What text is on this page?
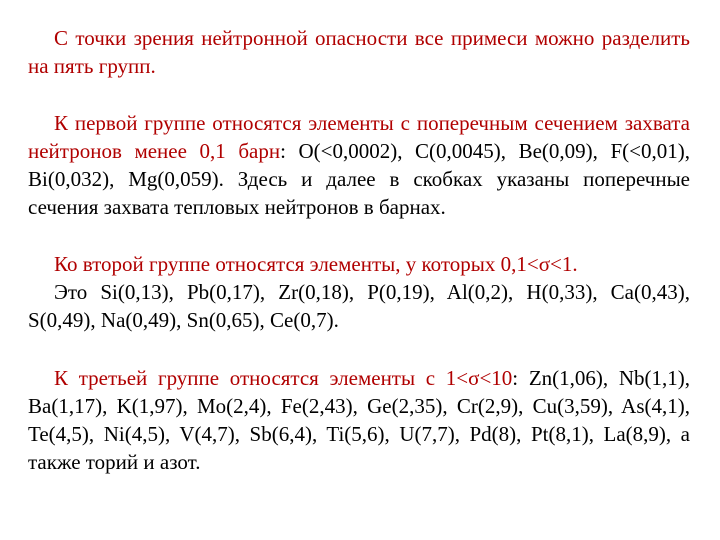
С точки зрения нейтронной опасности все примеси можно разделить на пять групп.

К первой группе относятся элементы с поперечным сечением захвата нейтронов менее 0,1 барн: O(<0,0002), C(0,0045), Be(0,09), F(<0,01), Bi(0,032), Mg(0,059). Здесь и далее в скобках указаны поперечные сечения захвата тепловых нейтронов в барнах.

Ко второй группе относятся элементы, у которых 0,1<σ<1.
Это Si(0,13), Pb(0,17), Zr(0,18), P(0,19), Al(0,2), H(0,33), Ca(0,43), S(0,49), Na(0,49), Sn(0,65), Ce(0,7).

К третьей группе относятся элементы с 1<σ<10: Zn(1,06), Nb(1,1), Ba(1,17), K(1,97), Mo(2,4), Fe(2,43), Ge(2,35), Cr(2,9), Cu(3,59), As(4,1), Te(4,5), Ni(4,5), V(4,7), Sb(6,4), Ti(5,6), U(7,7), Pd(8), Pt(8,1), La(8,9), а также торий и азот.
